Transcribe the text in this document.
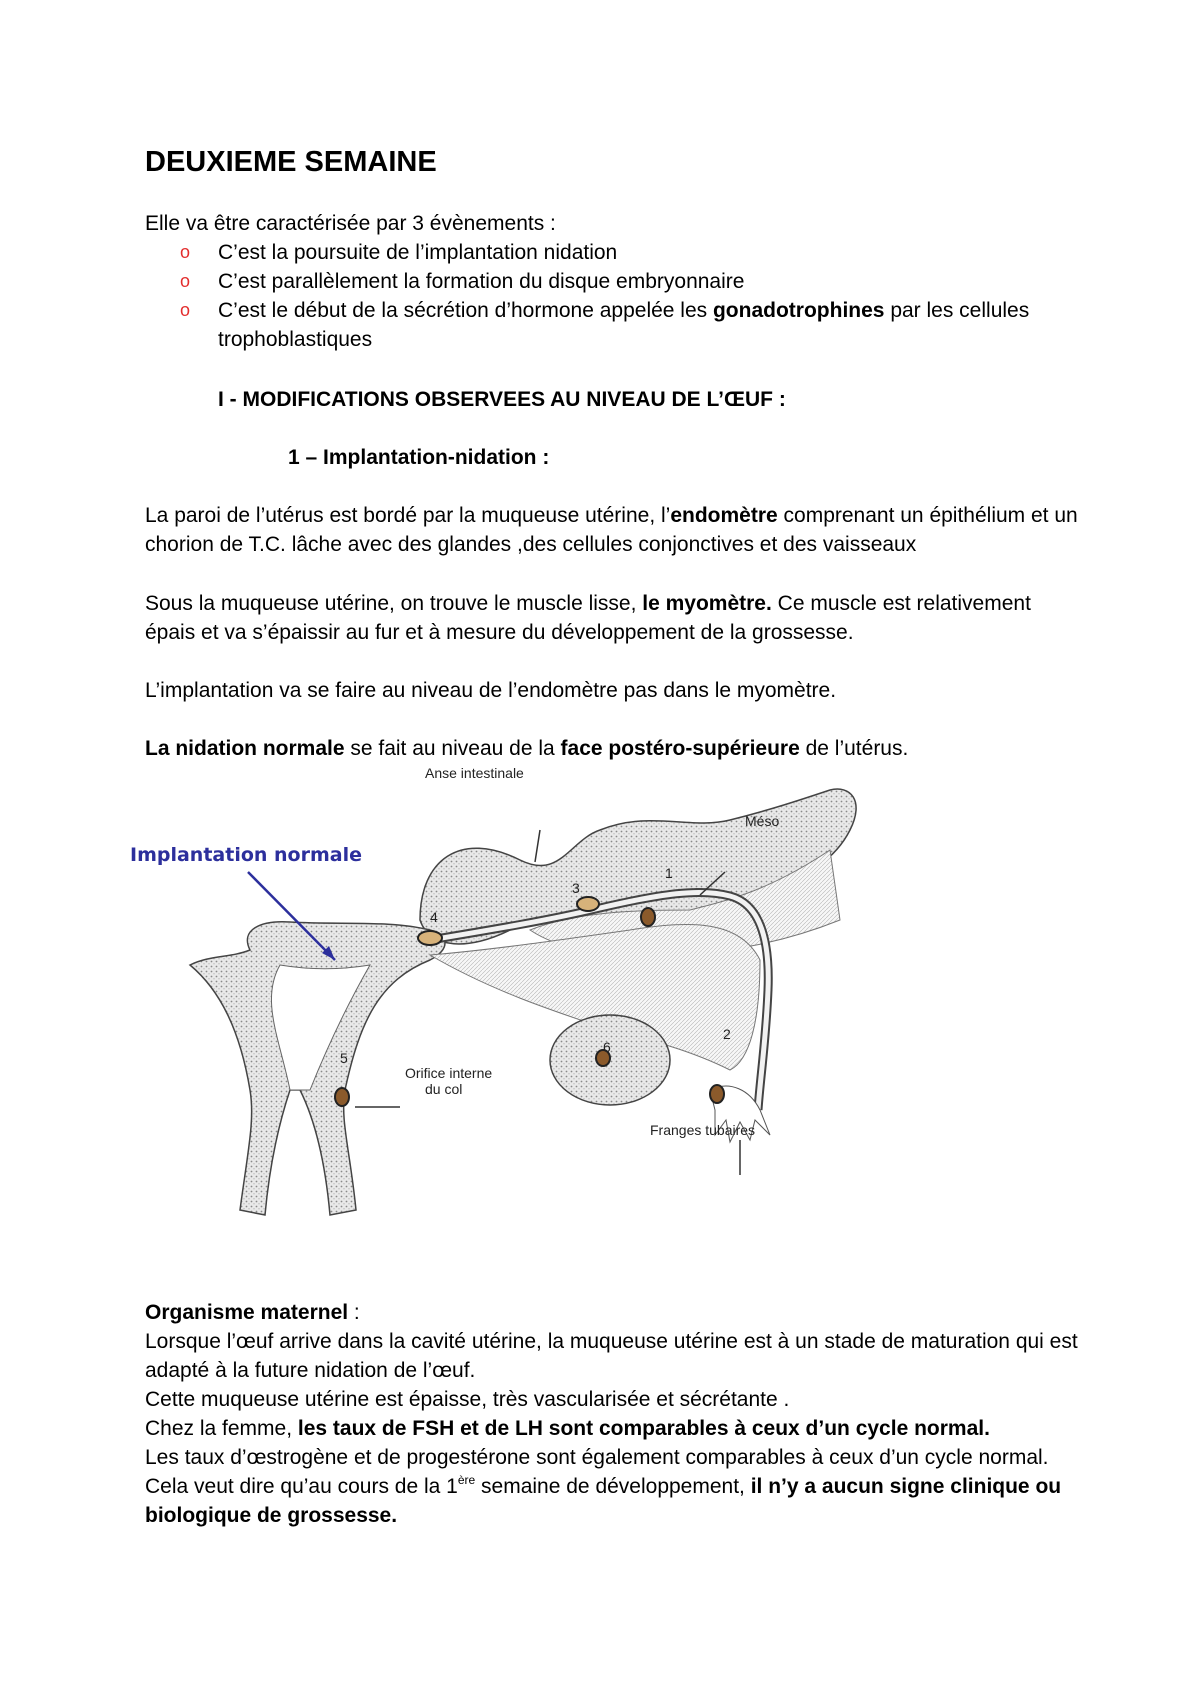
DEUXIEME SEMAINE
Elle va être caractérisée par 3 évènements :
o C’est la poursuite de l’implantation nidation
o C’est parallèlement la formation du disque embryonnaire
o C’est le début de la sécrétion d’hormone appelée les gonadotrophines par les cellules trophoblastiques
I - MODIFICATIONS OBSERVEES AU NIVEAU DE L’ŒUF :
1 – Implantation-nidation :
La paroi de l’utérus est bordé par la muqueuse utérine, l’endomètre comprenant un épithélium et un chorion de T.C. lâche avec des glandes ,des cellules conjonctives et des vaisseaux
Sous la muqueuse utérine, on trouve le muscle lisse, le myomètre. Ce muscle est relativement épais et va s’épaissir au fur et à mesure du développement de la grossesse.
L’implantation va se faire au niveau de l’endomètre pas dans le myomètre.
La nidation normale se fait au niveau de la face postéro-supérieure de l’utérus.
Implantation normale
Anse intestinale
Méso
Orifice interne
du col
Franges tubaires
1
2
3
4
5
6
Organisme maternel :
Lorsque l’œuf arrive dans la cavité utérine, la muqueuse utérine est à un stade de maturation qui est adapté à la future nidation de l’œuf.
Cette muqueuse utérine est épaisse, très vascularisée et sécrétante .
Chez la femme, les taux de FSH et de LH sont comparables à ceux d’un cycle normal.
Les taux d’œstrogène et de progestérone sont également comparables à ceux d’un cycle normal.
Cela veut dire qu’au cours de la 1ère semaine de développement, il n’y a aucun signe clinique ou biologique de grossesse.
